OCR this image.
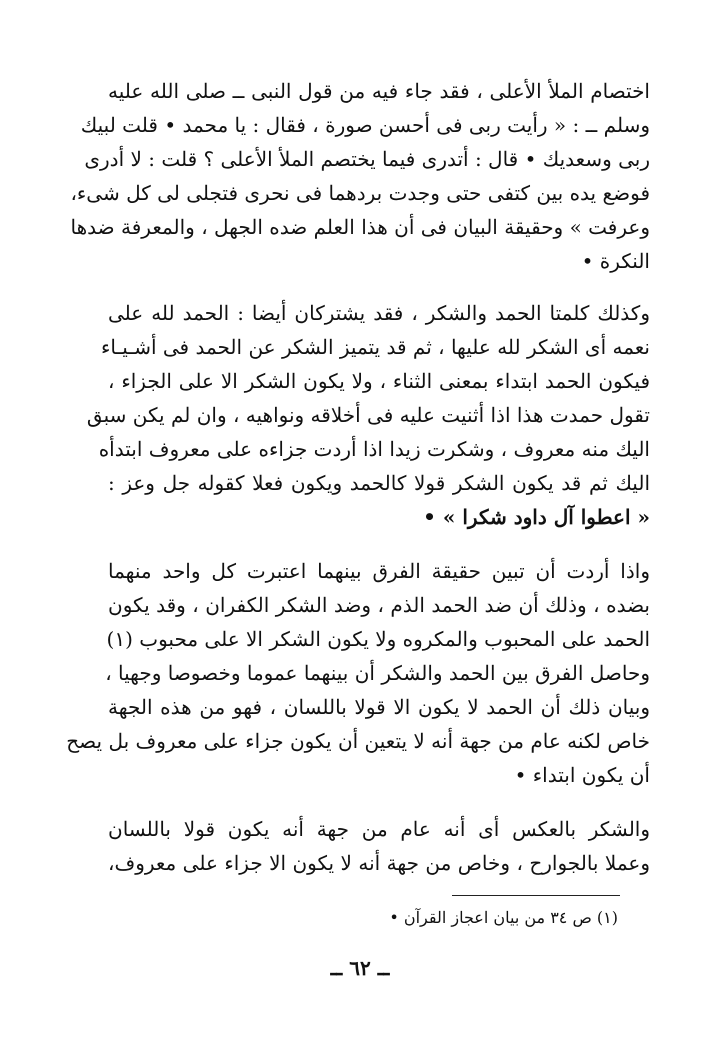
اختصام الملأ الأعلى ، فقد جاء فيه من قول النبى ــ صلى الله عليه
وسلم ــ : « رأيت ربى فى أحسن صورة ، فقال : يا محمد • قلت لبيك
ربى وسعديك • قال : أتدرى فيما يختصم الملأ الأعلى ؟ قلت : لا أدرى
فوضع يده بين كتفى حتى وجدت بردهما فى نحرى فتجلى لى كل شىء،
وعرفت » وحقيقة البيان فى أن هذا العلم ضده الجهل ، والمعرفة ضدها
النكرة •
وكذلك كلمتا الحمد والشكر ، فقد يشتركان أيضا : الحمد لله على
نعمه أى الشكر لله عليها ، ثم قد يتميز الشكر عن الحمد فى أشـيـاء
فيكون الحمد ابتداء بمعنى الثناء ، ولا يكون الشكر الا على الجزاء ،
تقول حمدت هذا اذا أثنيت عليه فى أخلاقه ونواهيه ، وان لم يكن سبق
اليك منه معروف ، وشكرت زيدا اذا أردت جزاءه على معروف ابتدأه
اليك ثم قد يكون الشكر قولا كالحمد ويكون فعلا كقوله جل وعز :
« اعطوا آل داود شكرا » •
واذا أردت أن تبين حقيقة الفرق بينهما اعتبرت كل واحد منهما
بضده ، وذلك أن ضد الحمد الذم ، وضد الشكر الكفران ، وقد يكون
الحمد على المحبوب والمكروه ولا يكون الشكر الا على محبوب (١)
وحاصل الفرق بين الحمد والشكر أن بينهما عموما وخصوصا وجهيا ،
وبيان ذلك أن الحمد لا يكون الا قولا باللسان ، فهو من هذه الجهة
خاص لكنه عام من جهة أنه لا يتعين أن يكون جزاء على معروف بل يصح
أن يكون ابتداء •
والشكر بالعكس أى أنه عام من جهة أنه يكون قولا باللسان
وعملا بالجوارح ، وخاص من جهة أنه لا يكون الا جزاء على معروف،
(١) ص ٣٤ من بيان اعجاز القرآن •
ــ ٦٢ ــ
